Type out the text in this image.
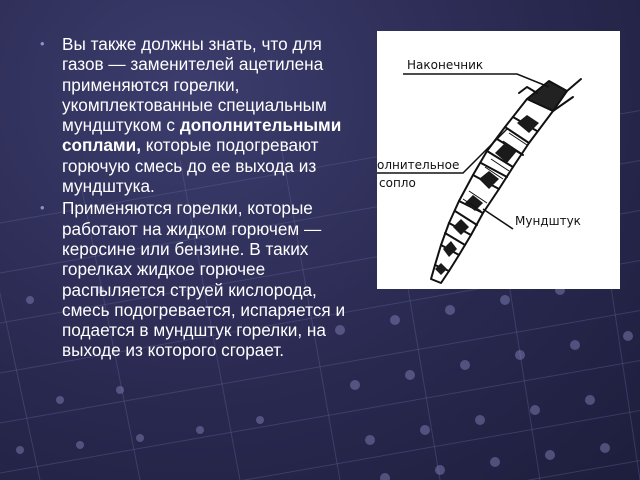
• Вы также должны знать, что для газов — заменителей ацетилена применяются горелки, укомплектованные специальным мундштуком с дополнительными соплами, которые подогревают горючую смесь до ее выхода из мундштука.
• Применяются горелки, которые работают на жидком горючем — керосине или бензине. В таких горелках жидкое горючее распыляется струей кислорода, смесь подогревается, испаряется и подается в мундштук горелки, на выходе из которого сгорает.
Наконечник
олнительное
сопло
Мундштук
